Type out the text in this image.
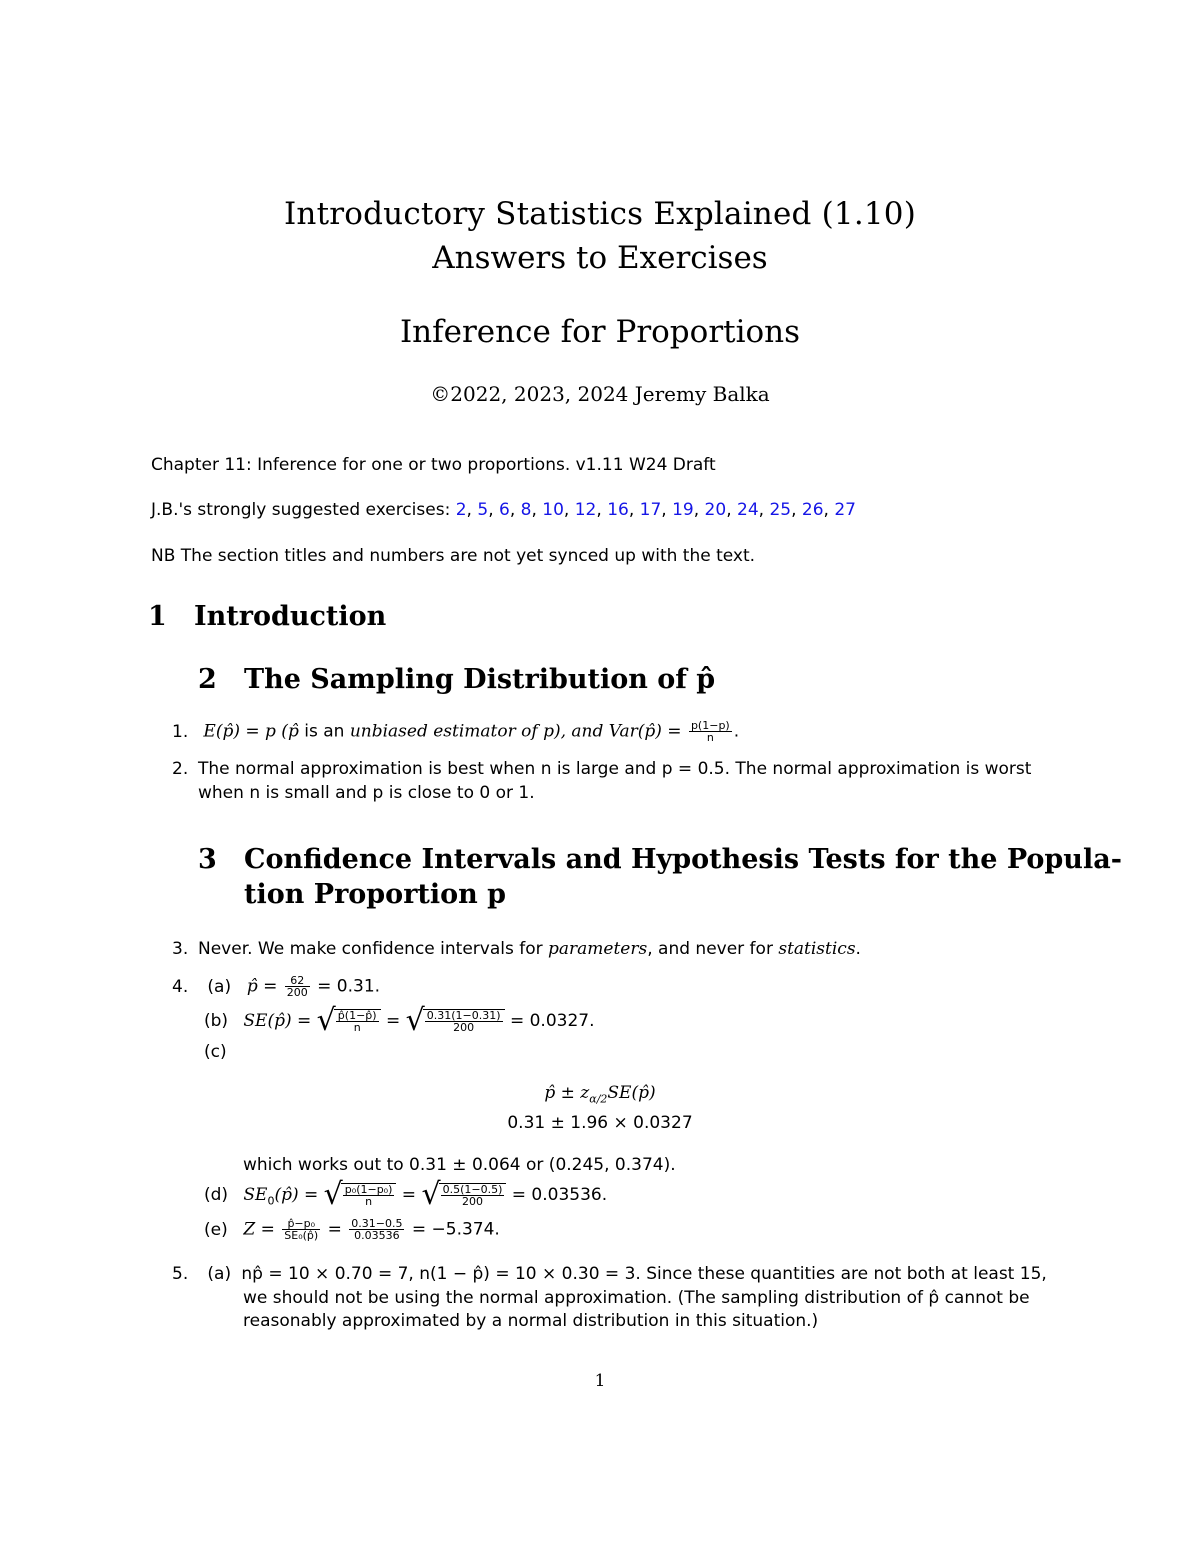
Introductory Statistics Explained (1.10)
Answers to Exercises
Inference for Proportions
©2022, 2023, 2024 Jeremy Balka
Chapter 11: Inference for one or two proportions. v1.11 W24 Draft
J.B.'s strongly suggested exercises: 2, 5, 6, 8, 10, 12, 16, 17, 19, 20, 24, 25, 26, 27
NB The section titles and numbers are not yet synced up with the text.
1 Introduction
2 The Sampling Distribution of p̂
1. E(p̂) = p (p̂ is an unbiased estimator of p), and Var(p̂) = $\frac{p(1-p)}{n}$ .
2. The normal approximation is best when n is large and p = 0.5. The normal approximation is worst
when n is small and p is close to 0 or 1.
3 Confidence Intervals and Hypothesis Tests for the Popula-
tion Proportion p
3. Never. We make confidence intervals for parameters, and never for statistics.
4. (a) p̂ = $\frac{62}{200} = 0.31$.
(b) SE(p̂) = √ $\frac{p̂(1-p̂)}{n}$ = √ $\frac{0.31(1-0.31)}{200} = 0.0327$.
(c)
p̂ ± $z_{\alpha/2}SE(p̂)$
0.31 ± 1.96 × 0.0327
which works out to 0.31 ± 0.064 or (0.245, 0.374).
(d) $SE_0(p̂)$ = √ $\frac{\text{p₀(1−p₀)}}{n}$ = √ $\frac{0.5(1-0.5)}{200} = 0.03536$.
(e) $Z = \frac{\text{p̂−p₀}}{\text{SE₀(p̂)}} = \frac{0.31-0.5}{0.03536} = -5.374$.
5. (a) np̂ = 10 × 0.70 = 7, n(1 − p̂) = 10 × 0.30 = 3. Since these quantities are not both at least 15,
we should not be using the normal approximation. (The sampling distribution of p̂ cannot be
reasonably approximated by a normal distribution in this situation.)
1
